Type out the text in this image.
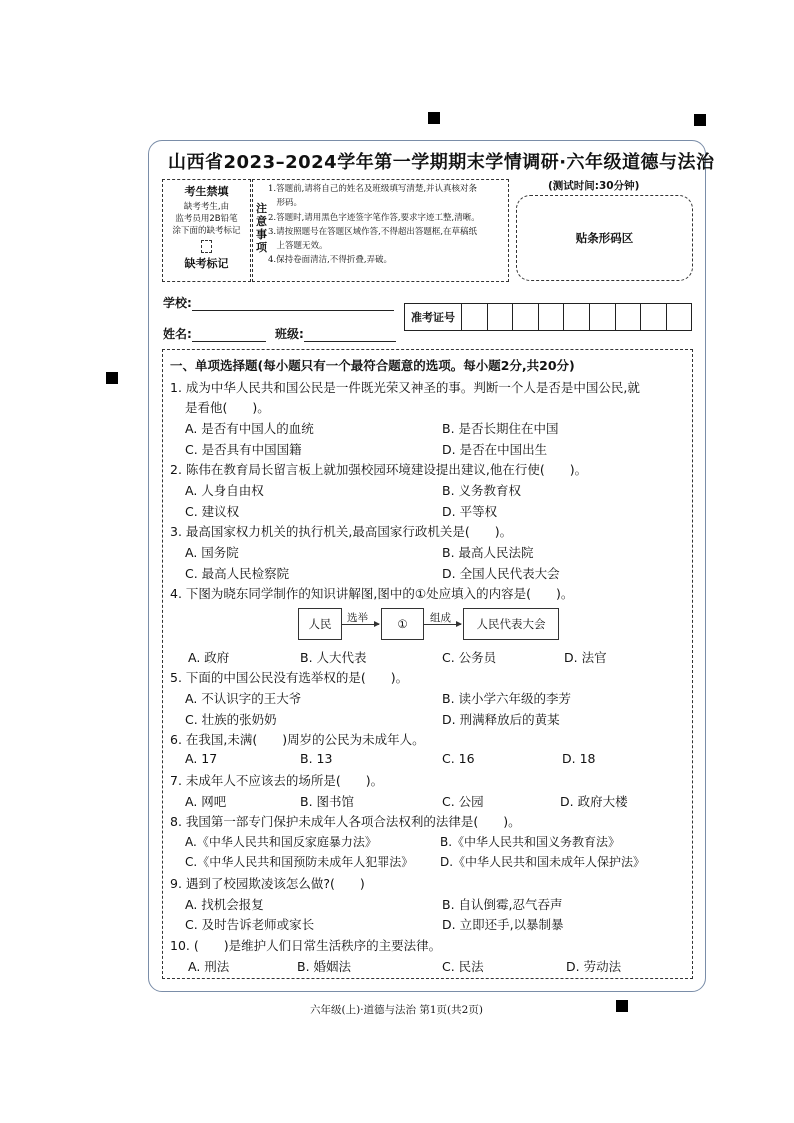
山西省2023–2024学年第一学期期末学情调研·六年级道德与法治
(测试时间:30分钟)
考生禁填
缺考考生,由
监考员用2B铅笔
涂下面的缺考标记
缺考标记
注
意
事
项
1.答题前,请将自己的姓名及班级填写清楚,并认真核对条
　形码。
2.答题时,请用黑色字迹签字笔作答,要求字迹工整,清晰。
3.请按照题号在答题区域作答,不得超出答题框,在草稿纸
　上答题无效。
4.保持卷面清洁,不得折叠,弄破。
贴条形码区
学校:
姓名:	班级:
准考证号
一、单项选择题(每小题只有一个最符合题意的选项。每小题2分,共20分)
1. 成为中华人民共和国公民是一件既光荣又神圣的事。判断一个人是否是中国公民,就
是看他(　　)。
A. 是否有中国人的血统	B. 是否长期住在中国
C. 是否具有中国国籍	D. 是否在中国出生
2. 陈伟在教育局长留言板上就加强校园环境建设提出建议,他在行使(　　)。
A. 人身自由权	B. 义务教育权
C. 建议权	D. 平等权
3. 最高国家权力机关的执行机关,最高国家行政机关是(　　)。
A. 国务院	B. 最高人民法院
C. 最高人民检察院	D. 全国人民代表大会
4. 下图为晓东同学制作的知识讲解图,图中的①处应填入的内容是(　　)。
人民	选举	①	组成	人民代表大会
A. 政府	B. 人大代表	C. 公务员	D. 法官
5. 下面的中国公民没有选举权的是(　　)。
A. 不认识字的王大爷	B. 读小学六年级的李芳
C. 壮族的张奶奶	D. 刑满释放后的黄某
6. 在我国,未满(　　)周岁的公民为未成年人。
A. 17	B. 13	C. 16	D. 18
7. 未成年人不应该去的场所是(　　)。
A. 网吧	B. 图书馆	C. 公园	D. 政府大楼
8. 我国第一部专门保护未成年人各项合法权利的法律是(　　)。
A.《中华人民共和国反家庭暴力法》	B.《中华人民共和国义务教育法》
C.《中华人民共和国预防未成年人犯罪法》 D.《中华人民共和国未成年人保护法》
9. 遇到了校园欺凌该怎么做?(　　)
A. 找机会报复	B. 自认倒霉,忍气吞声
C. 及时告诉老师或家长	D. 立即还手,以暴制暴
10. (　　)是维护人们日常生活秩序的主要法律。
A. 刑法	B. 婚姻法	C. 民法	D. 劳动法
六年级(上)·道德与法治 第1页(共2页)
